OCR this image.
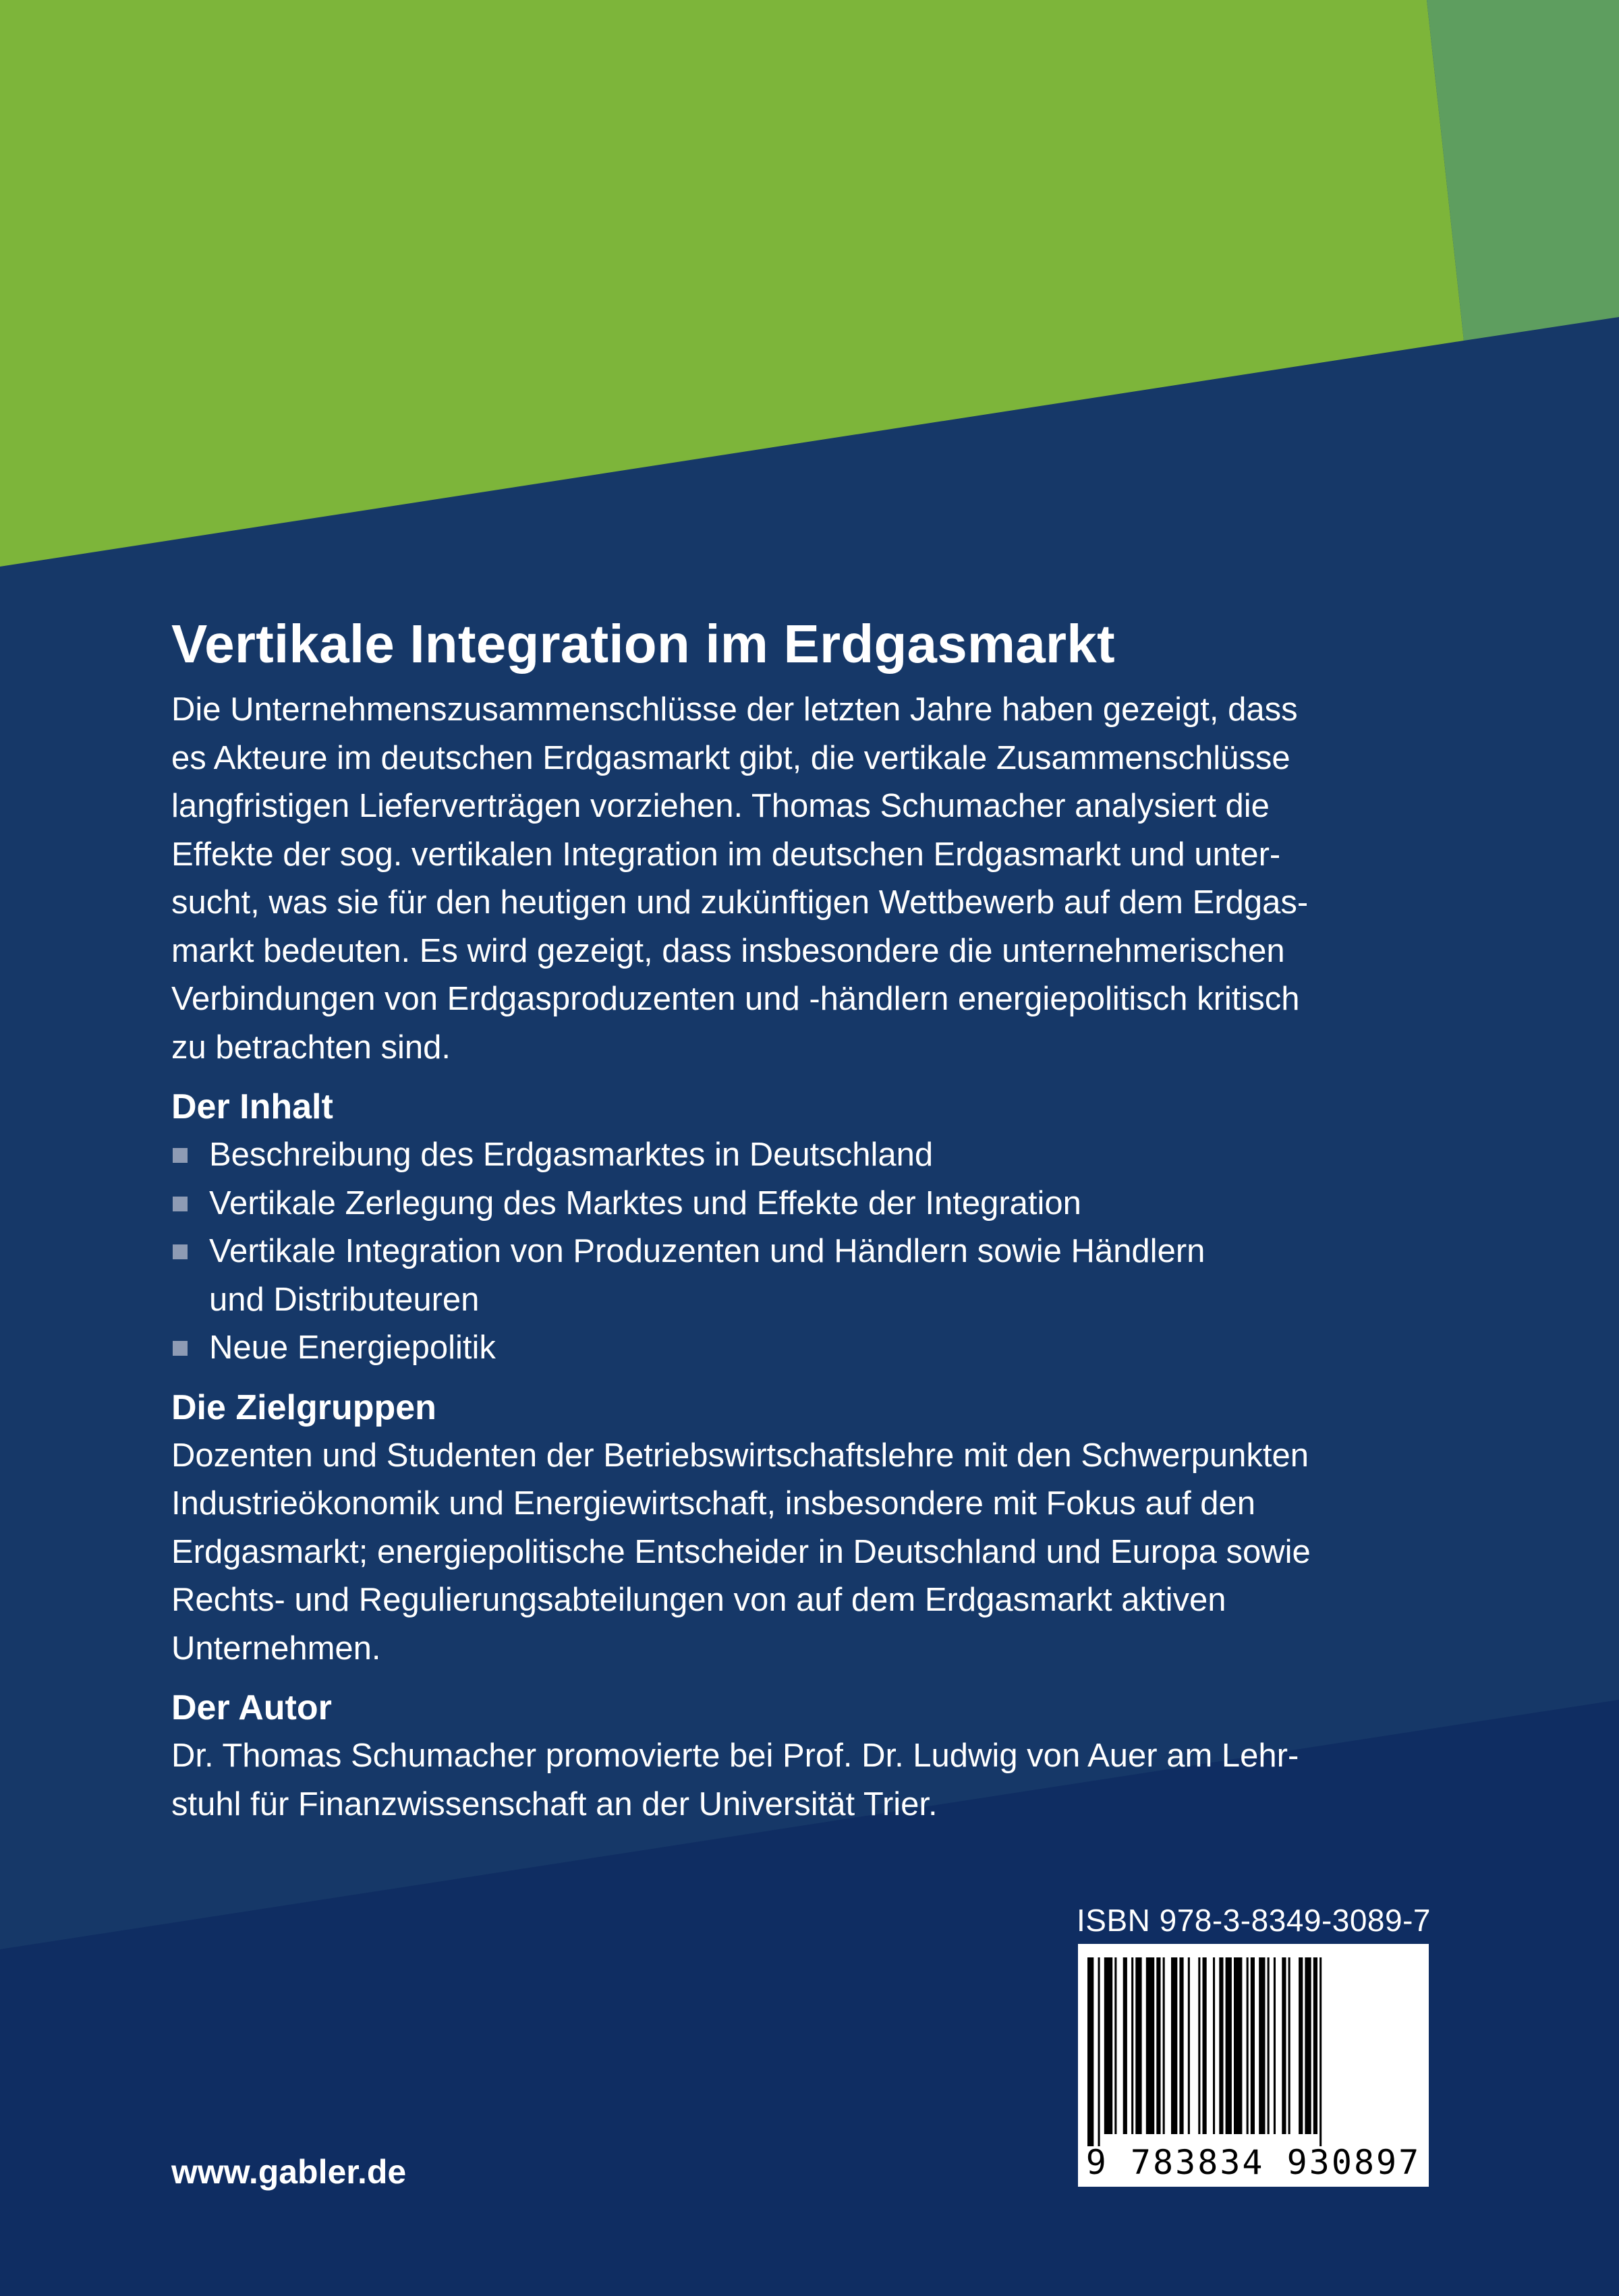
Vertikale Integration im Erdgasmarkt

Die Unternehmenszusammenschlüsse der letzten Jahre haben gezeigt, dass

es Akteure im deutschen Erdgasmarkt gibt, die vertikale Zusammenschlüsse

langfristigen Lieferverträgen vorziehen. Thomas Schumacher analysiert die

Effekte der sog. vertikalen Integration im deutschen Erdgasmarkt und unter-

sucht, was sie für den heutigen und zukünftigen Wettbewerb auf dem Erdgas-

markt bedeuten. Es wird gezeigt, dass insbesondere die unternehmerischen

Verbindungen von Erdgasproduzenten und -händlern energiepolitisch kritisch

zu betrachten sind.

Der Inhalt
Beschreibung des Erdgasmarktes in Deutschland
Vertikale Zerlegung des Marktes und Effekte der Integration
Vertikale Integration von Produzenten und Händlern sowie Händlern
und Distributeuren
Neue Energiepolitik
Die Zielgruppen

Dozenten und Studenten der Betriebswirtschaftslehre mit den Schwerpunkten

Industrieökonomik und Energiewirtschaft, insbesondere mit Fokus auf den

Erdgasmarkt; energiepolitische Entscheider in Deutschland und Europa sowie

Rechts- und Regulierungsabteilungen von auf dem Erdgasmarkt aktiven

Unternehmen.

Der Autor

Dr. Thomas Schumacher promovierte bei Prof. Dr. Ludwig von Auer am Lehr-

stuhl für Finanzwissenschaft an der Universität Trier.

ISBN 978-3-8349-3089-7
9 783834 930897
www.gabler.de
